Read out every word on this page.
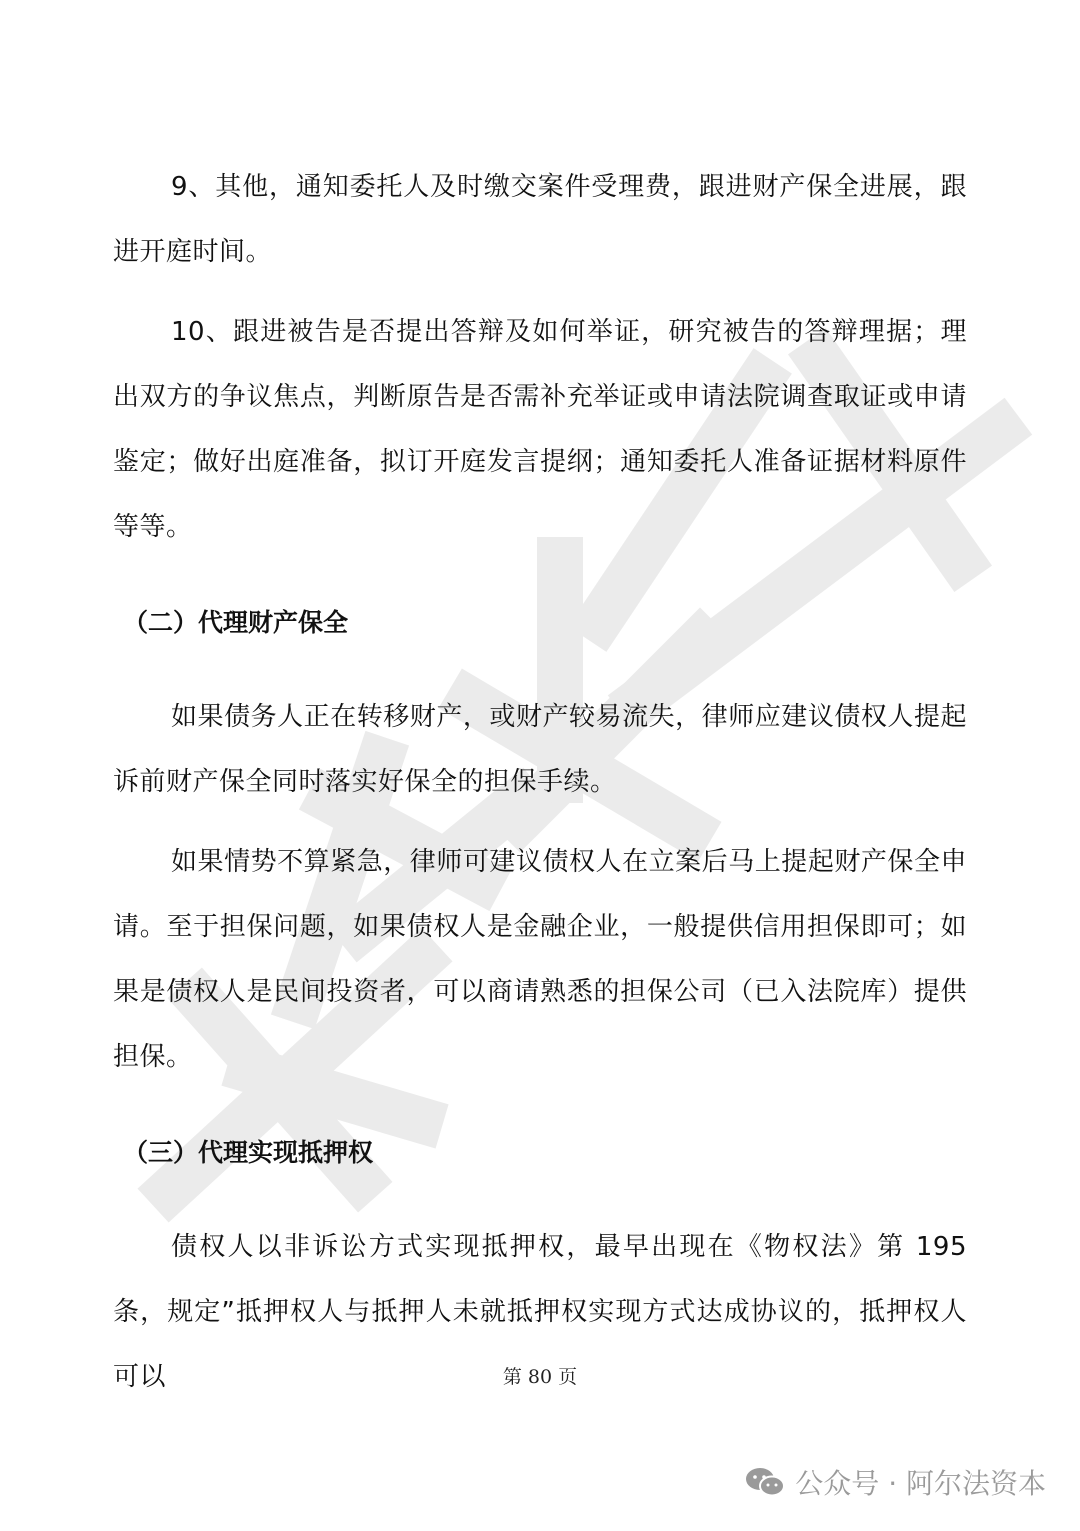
9、其他，通知委托人及时缴交案件受理费，跟进财产保全进展，跟进开庭时间。

10、跟进被告是否提出答辩及如何举证，研究被告的答辩理据；理出双方的争议焦点，判断原告是否需补充举证或申请法院调查取证或申请鉴定；做好出庭准备，拟订开庭发言提纲；通知委托人准备证据材料原件等等。

（二）代理财产保全

如果债务人正在转移财产，或财产较易流失，律师应建议债权人提起诉前财产保全同时落实好保全的担保手续。

如果情势不算紧急，律师可建议债权人在立案后马上提起财产保全申请。至于担保问题，如果债权人是金融企业，一般提供信用担保即可；如果是债权人是民间投资者，可以商请熟悉的担保公司（已入法院库）提供担保。

（三）代理实现抵押权

债权人以非诉讼方式实现抵押权，最早出现在《物权法》第 195 条，规定”抵押权人与抵押人未就抵押权实现方式达成协议的，抵押权人可以	第 80 页
公众号 · 阿尔法资本
